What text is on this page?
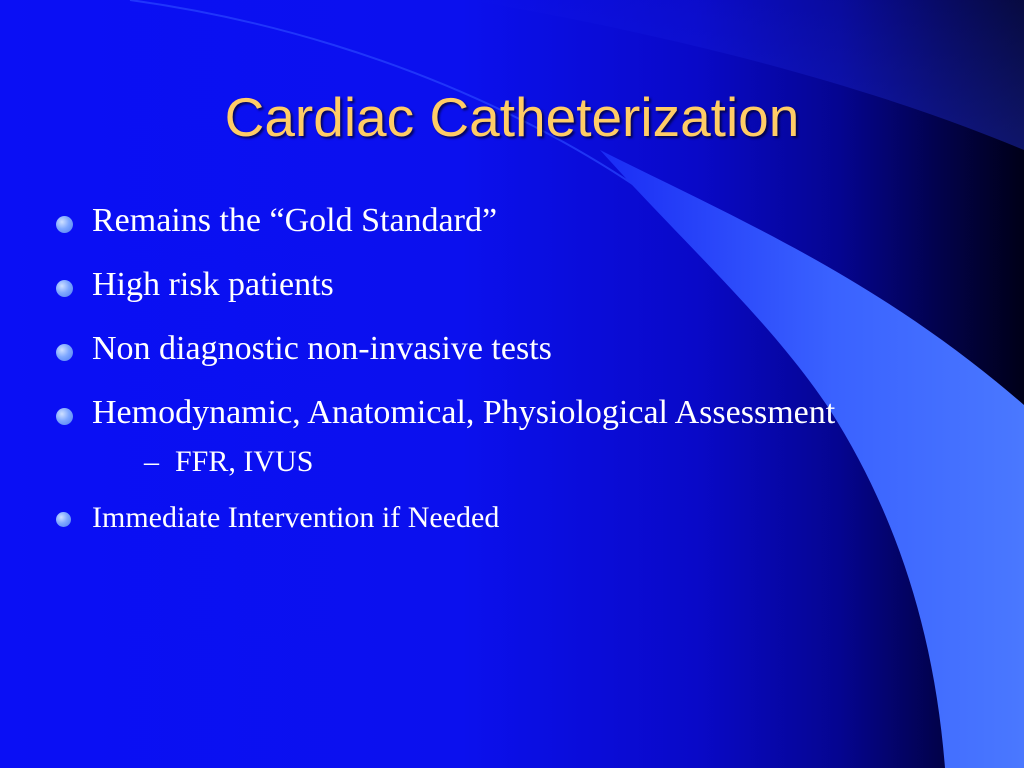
Cardiac Catheterization
Remains the “Gold Standard”
High risk patients
Non diagnostic non-invasive tests
Hemodynamic, Anatomical, Physiological Assessment
– FFR, IVUS
Immediate Intervention if Needed
